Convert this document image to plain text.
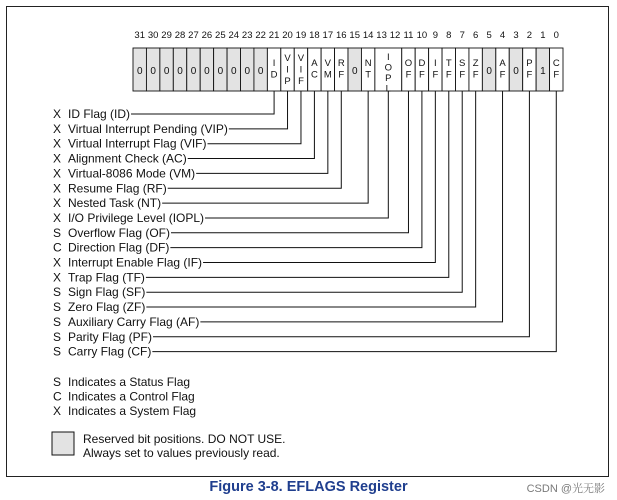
31 30 29 28 27 26 25 24 23 22 21 20 19 18 17 16 15 14 13 12 11 10 9 8 7 6 5 4 3 2 1 0
0 0 0 0 0 0 0 0 0 0
I D
V I P
V I F
A C
V M
R F 0
N T
I O P L
O F
D F
I F
T F
S F
Z F 0
A F 0
P F 1
C F
X ID Flag (ID)
X Virtual Interrupt Pending (VIP)
X Virtual Interrupt Flag (VIF)
X Alignment Check (AC)
X Virtual-8086 Mode (VM)
X Resume Flag (RF)
X Nested Task (NT)
X I/O Privilege Level (IOPL)
S Overflow Flag (OF)
C Direction Flag (DF)
X Interrupt Enable Flag (IF)
X Trap Flag (TF)
S Sign Flag (SF)
S Zero Flag (ZF)
S Auxiliary Carry Flag (AF)
S Parity Flag (PF)
S Carry Flag (CF)
S Indicates a Status Flag
C Indicates a Control Flag
X Indicates a System Flag
Reserved bit positions. DO NOT USE.
Always set to values previously read.
Figure 3-8. EFLAGS Register	CSDN @光无影
